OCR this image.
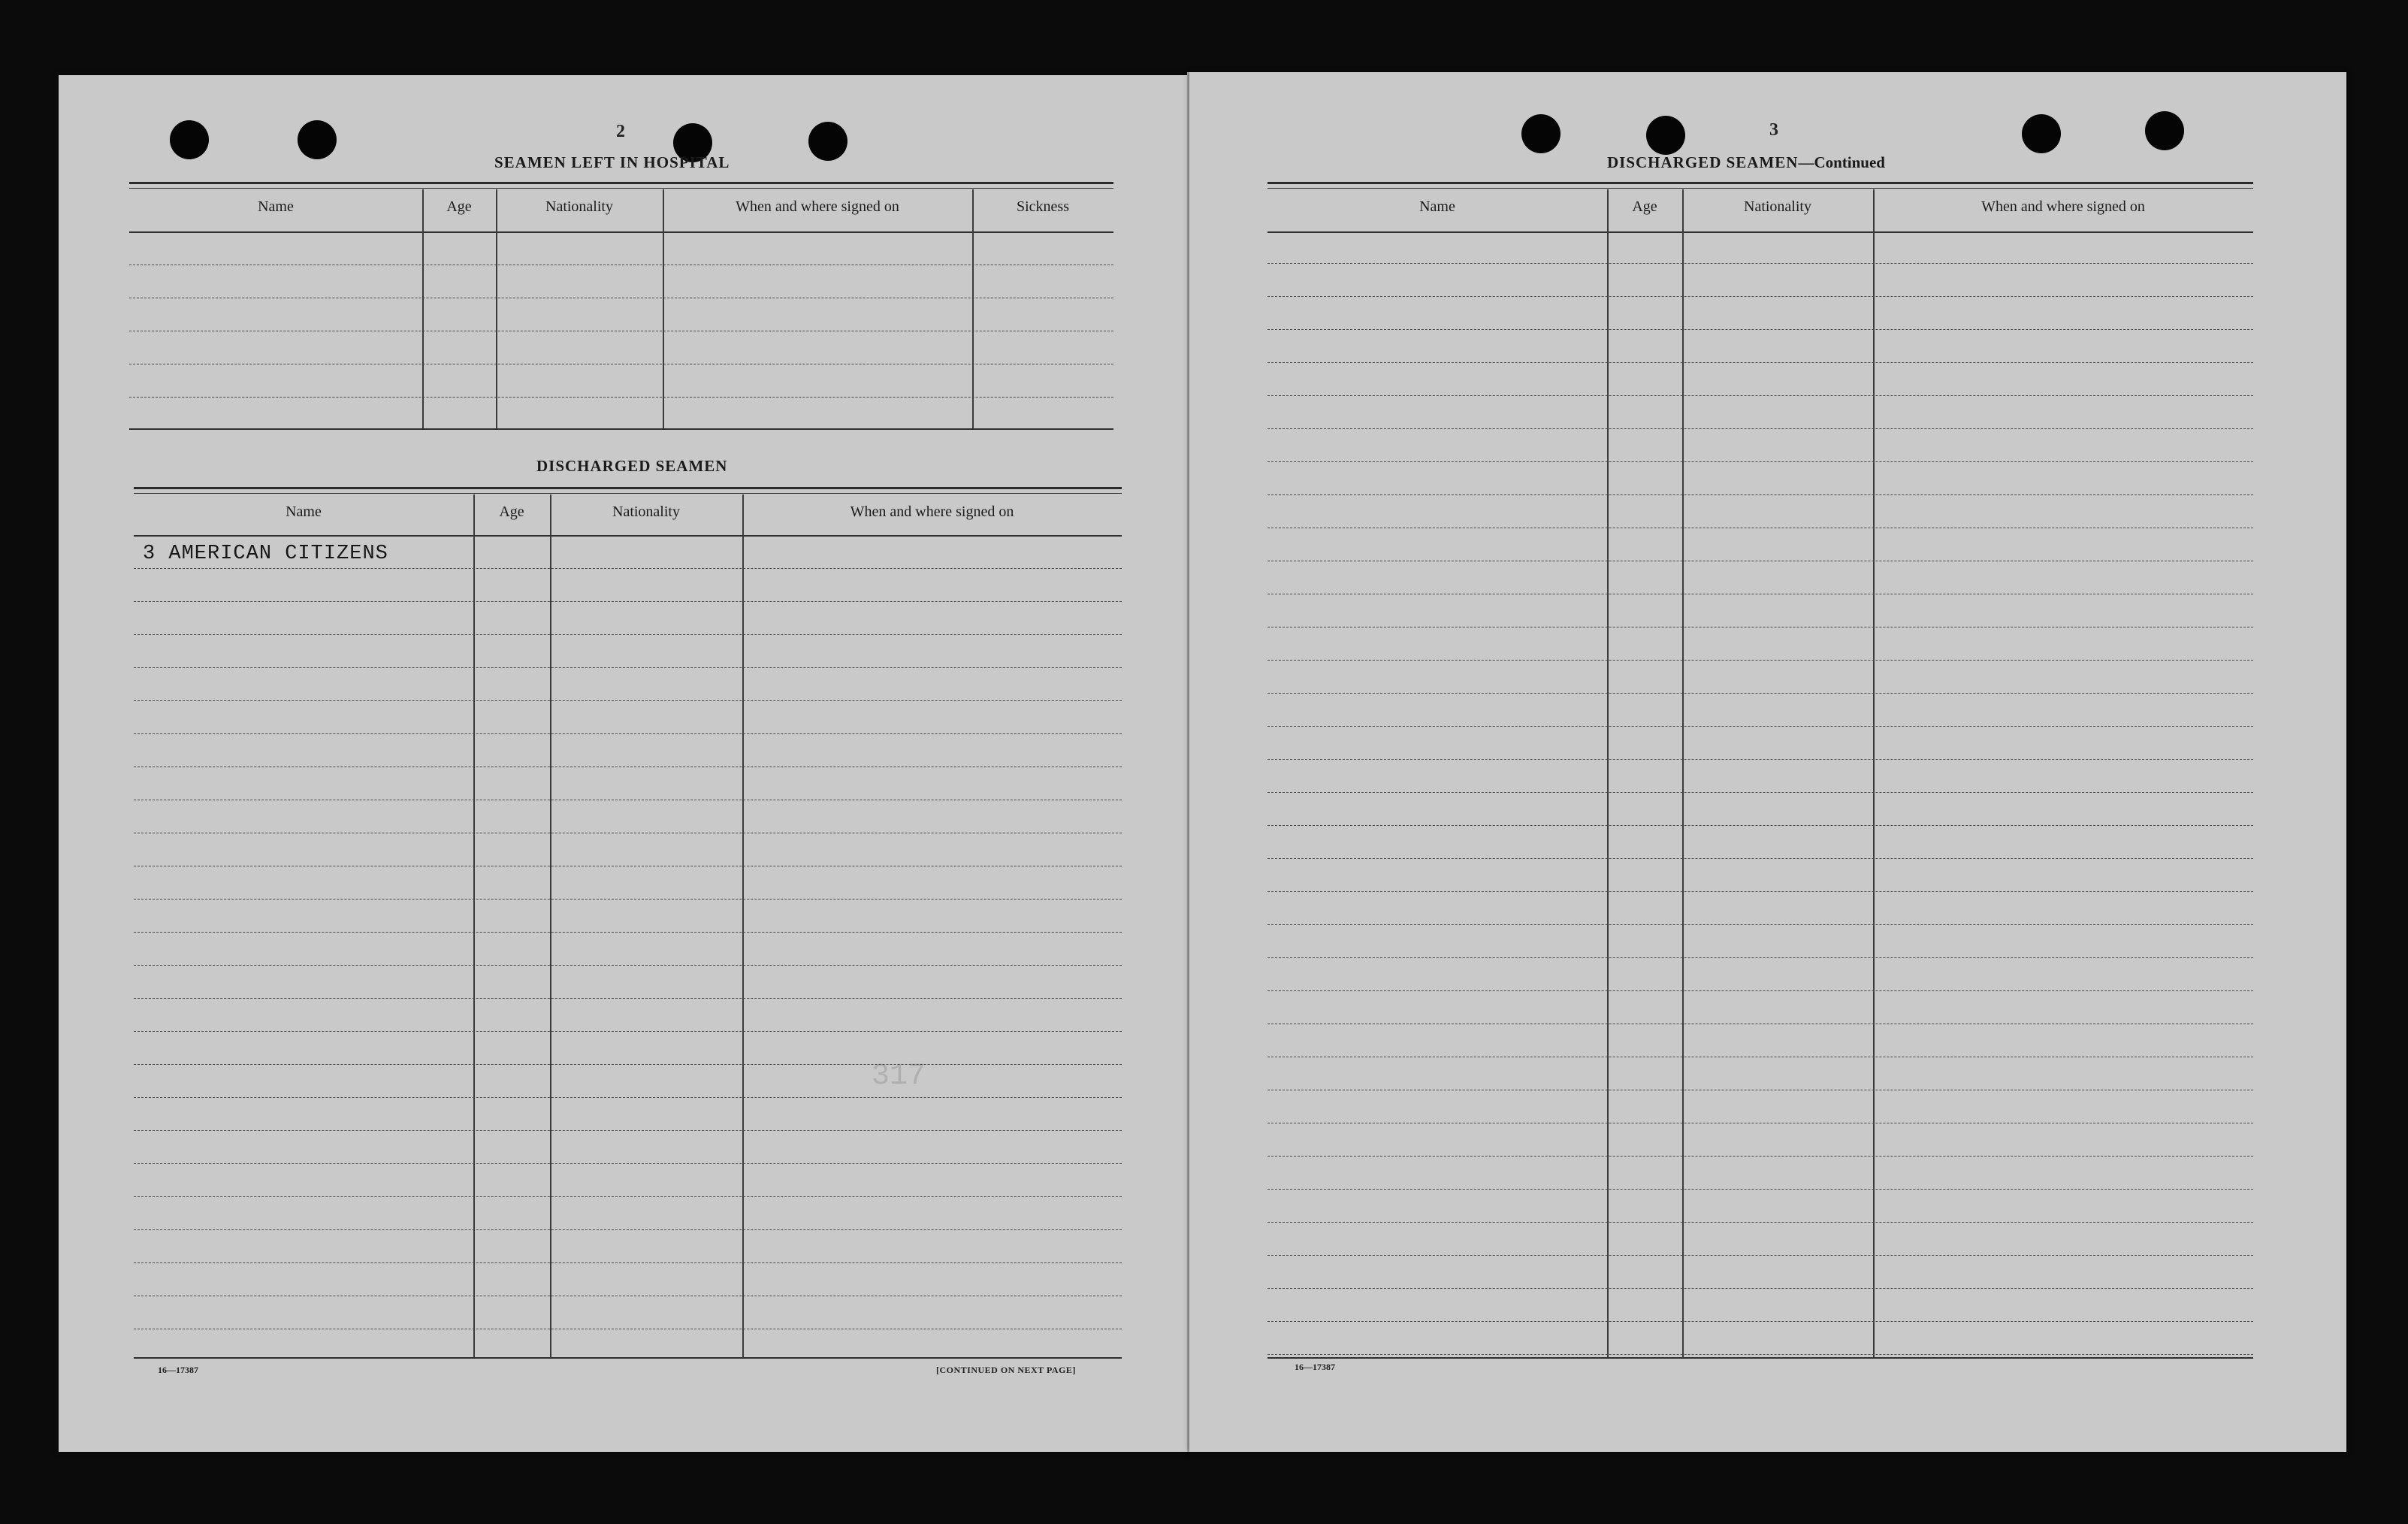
2
SEAMEN LEFT IN HOSPITAL
Name	Age	Nationality	When and where signed on	Sickness
DISCHARGED SEAMEN
Name	Age	Nationality	When and where signed on
3 AMERICAN CITIZENS
317
16—17387	[CONTINUED ON NEXT PAGE]
3
DISCHARGED SEAMEN—Continued
Name	Age	Nationality	When and where signed on
16—17387
